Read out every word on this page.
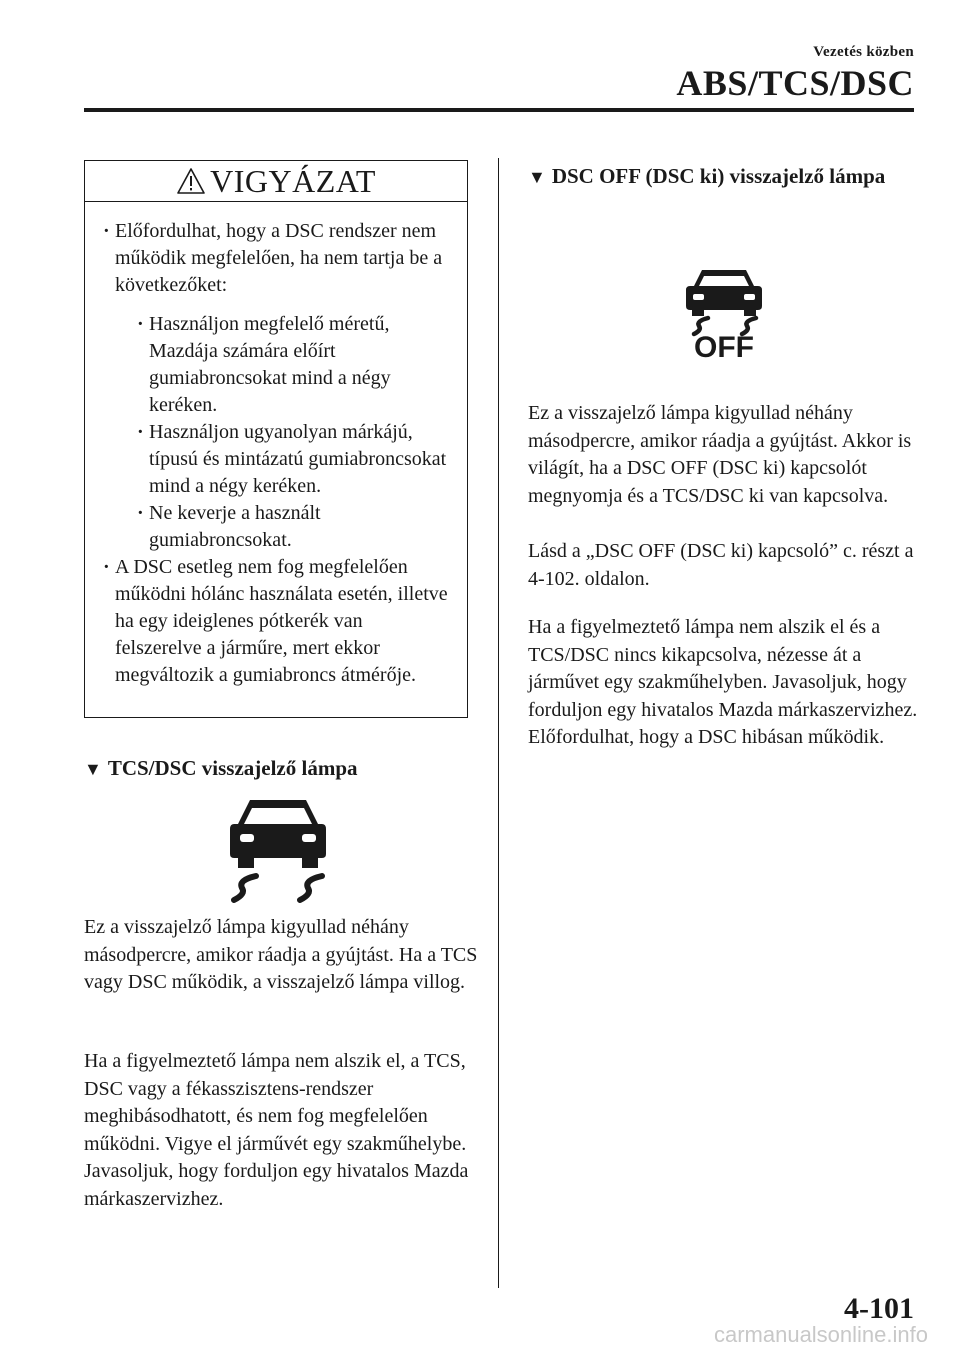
Vezetés közben
ABS/TCS/DSC
VIGYÁZAT
· Előfordulhat, hogy a DSC rendszer nem működik megfelelően, ha nem tartja be a következőket:
· Használjon megfelelő méretű, Mazdája számára előírt gumiabroncsokat mind a négy keréken.
· Használjon ugyanolyan márkájú, típusú és mintázatú gumiabroncsokat mind a négy keréken.
· Ne keverje a használt gumiabroncsokat.
· A DSC esetleg nem fog megfelelően működni hólánc használata esetén, illetve ha egy ideiglenes pótkerék van felszerelve a járműre, mert ekkor megváltozik a gumiabroncs átmérője.
▼ TCS/DSC visszajelző lámpa
Ez a visszajelző lámpa kigyullad néhány másodpercre, amikor ráadja a gyújtást. Ha a TCS vagy DSC működik, a visszajelző lámpa villog.
Ha a figyelmeztető lámpa nem alszik el, a TCS, DSC vagy a fékasszisztens-rendszer meghibásodhatott, és nem fog megfelelően működni. Vigye el járművét egy szakműhelybe. Javasoljuk, hogy forduljon egy hivatalos Mazda márkaszervizhez.
▼ DSC OFF (DSC ki) visszajelző lámpa
OFF
Ez a visszajelző lámpa kigyullad néhány másodpercre, amikor ráadja a gyújtást. Akkor is világít, ha a DSC OFF (DSC ki) kapcsolót megnyomja és a TCS/DSC ki van kapcsolva.
Lásd a „DSC OFF (DSC ki) kapcsoló” c. részt a 4-102. oldalon.
Ha a figyelmeztető lámpa nem alszik el és a TCS/DSC nincs kikapcsolva, nézesse át a járművet egy szakműhelyben. Javasoljuk, hogy forduljon egy hivatalos Mazda márkaszervizhez. Előfordulhat, hogy a DSC hibásan működik.
4-101
carmanualsonline.info
